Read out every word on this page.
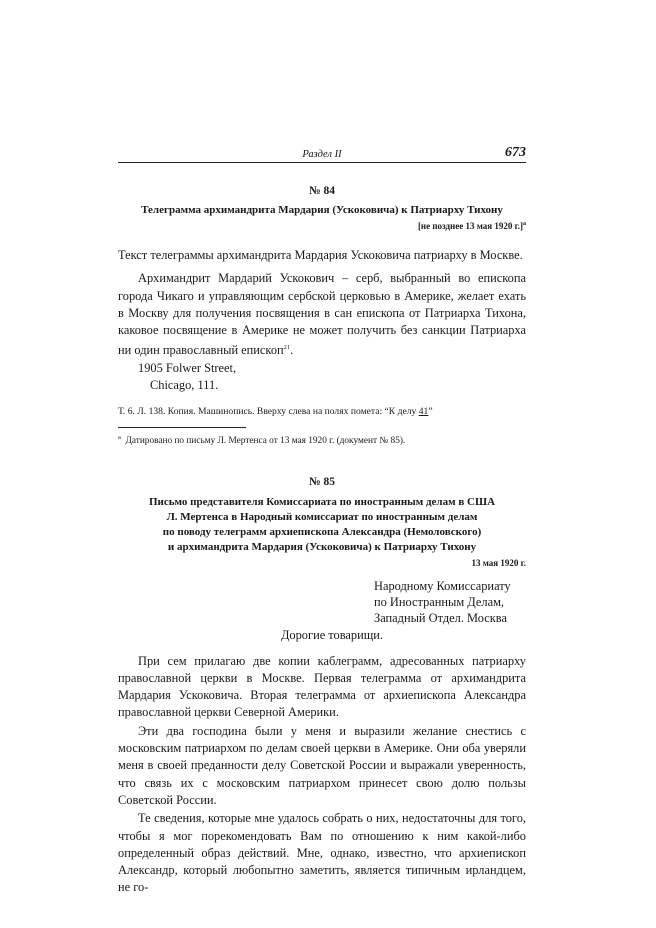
Раздел II	673
№ 84
Телеграмма архимандрита Мардария (Ускоковича) к Патриарху Тихону
[не позднее 13 мая 1920 г.]$^a$

Текст телеграммы архимандрита Мардария Ускоковича патриарху в Москве.

Архимандрит Мардарий Ускокович – серб, выбранный во епископа города Чикаго и управляющим сербской церковью в Америке, желает ехать в Москву для получения посвящения в сан епископа от Патриарха Тихона, каковое посвящение в Америке не может получить без санкции Патриарха ни один православный епископ$^{21}$.

1905 Folwer Street,

Chicago, 111.

Т. 6. Л. 138. Копия. Машинопись. Вверху слева на полях помета: “К делу 41”

$^a$ Датировано по письму Л. Мертенса от 13 мая 1920 г. (документ № 85).

№ 85
Письмо представителя Комиссариата по иностранным делам в США
Л. Мертенса в Народный комиссариат по иностранным делам
по поводу телеграмм архиепископа Александра (Немоловского)
и архимандрита Мардария (Ускоковича) к Патриарху Тихону
13 мая 1920 г.
Народному Комиссариату
по Иностранным Делам,
Западный Отдел. Москва
Дорогие товарищи.

При сем прилагаю две копии каблеграмм, адресованных патриарху православной церкви в Москве. Первая телеграмма от архимандрита Мардария Ускоковича. Вторая телеграмма от архиепископа Александра православной церкви Северной Америки.

Эти два господина были у меня и выразили желание снестись с московским патриархом по делам своей церкви в Америке. Они оба уверяли меня в своей преданности делу Советской России и выражали уверенность, что связь их с московским патриархом принесет свою долю пользы Советской России.

Те сведения, которые мне удалось собрать о них, недостаточны для того, чтобы я мог порекомендовать Вам по отношению к ним какой-либо определенный образ действий. Мне, однако, известно, что архиепископ Александр, который любопытно заметить, является типичным ирландцем, не го-
